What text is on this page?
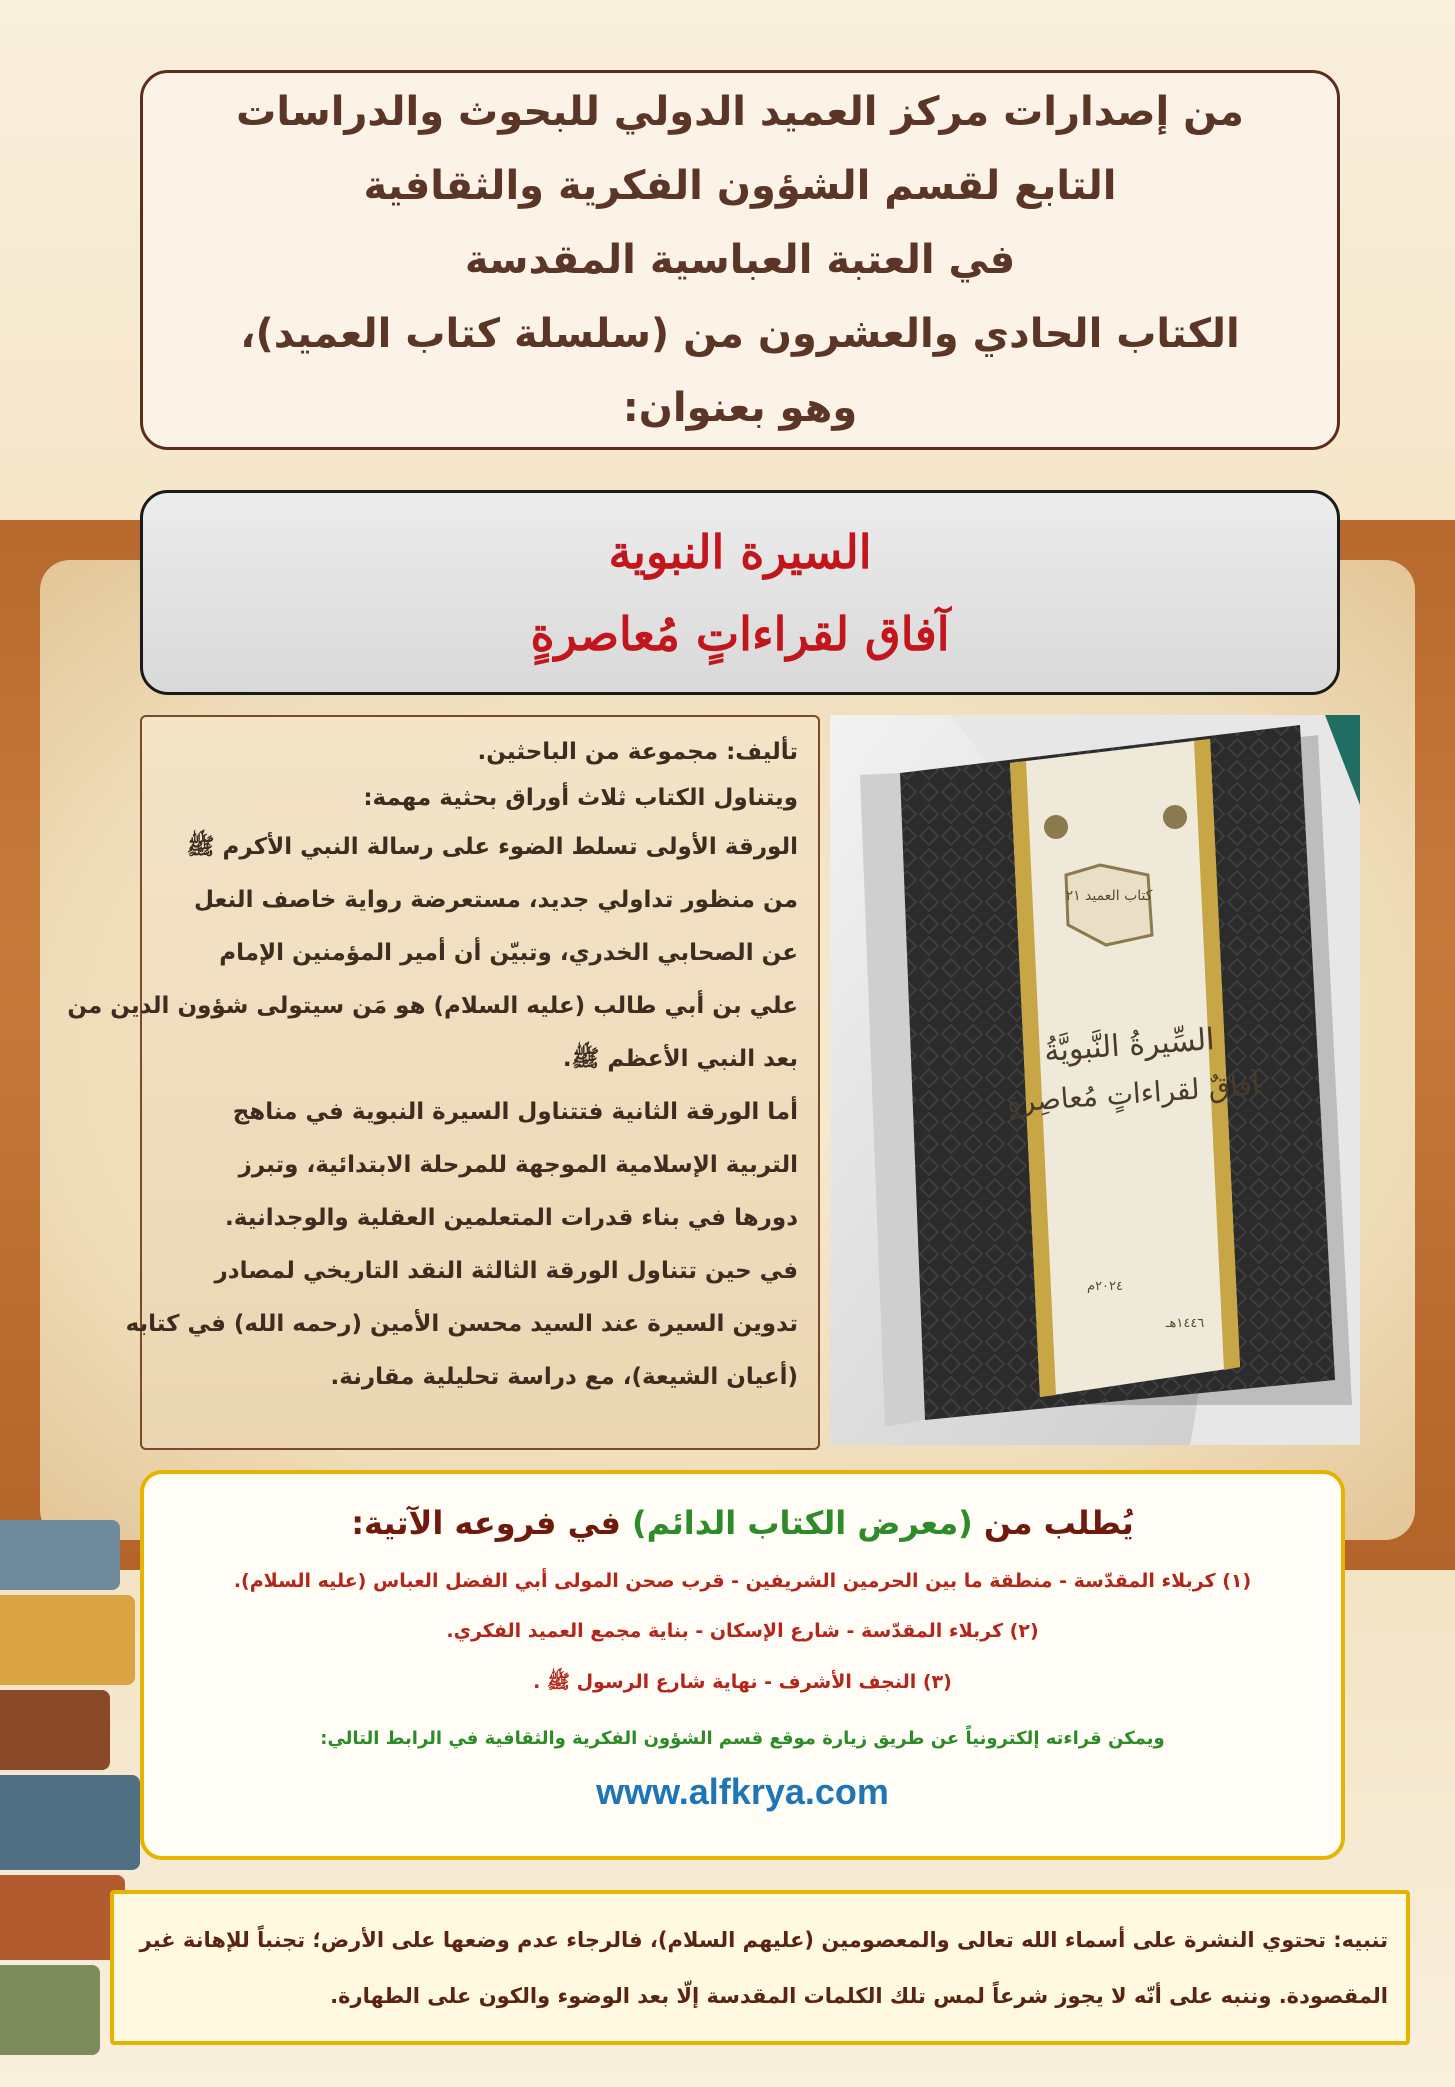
من إصدارات مركز العميد الدولي للبحوث والدراسات
التابع لقسم الشؤون الفكرية والثقافية
في العتبة العباسية المقدسة
الكتاب الحادي والعشرون من (سلسلة كتاب العميد)،
وهو بعنوان:
السيرة النبوية
آفاق لقراءاتٍ مُعاصرةٍ
كتاب العميد ٢١
السِّيرةُ النَّبويَّةُ
آفاقٌ لقراءاتٍ مُعاصِرةٍ
٢٠٢٤م
١٤٤٦هـ
تأليف: مجموعة من الباحثين.
ويتناول الكتاب ثلاث أوراق بحثية مهمة:
الورقة الأولى تسلط الضوء على رسالة النبي الأكرم ﷺ
من منظور تداولي جديد، مستعرضة رواية خاصف النعل
عن الصحابي الخدري، وتبيّن أن أمير المؤمنين الإمام
علي بن أبي طالب (عليه السلام) هو مَن سيتولى شؤون الدين من
بعد النبي الأعظم ﷺ.
أما الورقة الثانية فتتناول السيرة النبوية في مناهج
التربية الإسلامية الموجهة للمرحلة الابتدائية، وتبرز
دورها في بناء قدرات المتعلمين العقلية والوجدانية.
في حين تتناول الورقة الثالثة النقد التاريخي لمصادر
تدوين السيرة عند السيد محسن الأمين (رحمه الله) في كتابه
(أعيان الشيعة)، مع دراسة تحليلية مقارنة.
يُطلب من (معرض الكتاب الدائم) في فروعه الآتية:
(١) كربلاء المقدّسة - منطقة ما بين الحرمين الشريفين - قرب صحن المولى أبي الفضل العباس (عليه السلام).
(٢) كربلاء المقدّسة - شارع الإسكان - بناية مجمع العميد الفكري.
(٣) النجف الأشرف - نهاية شارع الرسول ﷺ .
ويمكن قراءته إلكترونياً عن طريق زيارة موقع قسم الشؤون الفكرية والثقافية في الرابط التالي:
www.alfkrya.com
تنبيه: تحتوي النشرة على أسماء الله تعالى والمعصومين (عليهم السلام)، فالرجاء عدم وضعها على الأرض؛ تجنباً للإهانة غير
المقصودة. وننبه على أنّه لا يجوز شرعاً لمس تلك الكلمات المقدسة إلّا بعد الوضوء والكون على الطهارة.
